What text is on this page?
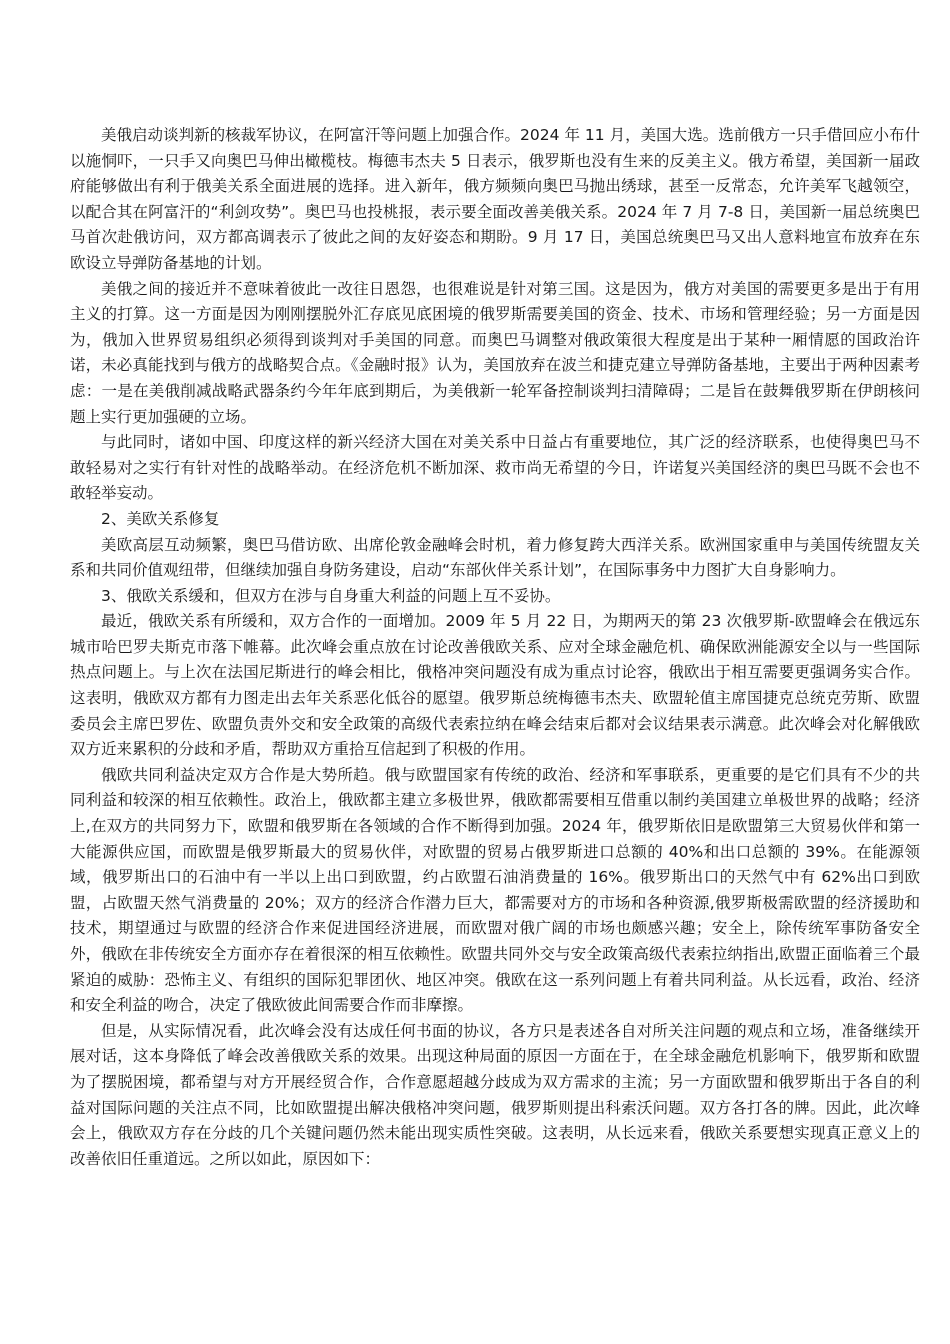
美俄启动谈判新的核裁军协议，在阿富汗等问题上加强合作。2024 年 11 月，美国大选。选前俄方一只手借回应小布什以施恫吓，一只手又向奥巴马伸出橄榄枝。梅德韦杰夫 5 日表示，俄罗斯也没有生来的反美主义。俄方希望，美国新一届政府能够做出有利于俄美关系全面进展的选择。进入新年，俄方频频向奥巴马抛出绣球，甚至一反常态，允许美军飞越领空，以配合其在阿富汗的“利剑攻势”。奥巴马也投桃报，表示要全面改善美俄关系。2024 年 7 月 7-8 日，美国新一届总统奥巴马首次赴俄访问，双方都高调表示了彼此之间的友好姿态和期盼。9 月 17 日，美国总统奥巴马又出人意料地宣布放弃在东欧设立导弹防备基地的计划。

美俄之间的接近并不意味着彼此一改往日恩怨，也很难说是针对第三国。这是因为，俄方对美国的需要更多是出于有用主义的打算。这一方面是因为刚刚摆脱外汇存底见底困境的俄罗斯需要美国的资金、技术、市场和管理经验；另一方面是因为，俄加入世界贸易组织必须得到谈判对手美国的同意。而奥巴马调整对俄政策很大程度是出于某种一厢情愿的国政治许诺，未必真能找到与俄方的战略契合点。《金融时报》认为，美国放弃在波兰和捷克建立导弹防备基地，主要出于两种因素考虑：一是在美俄削减战略武器条约今年年底到期后，为美俄新一轮军备控制谈判扫清障碍；二是旨在鼓舞俄罗斯在伊朗核问题上实行更加强硬的立场。

与此同时，诸如中国、印度这样的新兴经济大国在对美关系中日益占有重要地位，其广泛的经济联系，也使得奥巴马不敢轻易对之实行有针对性的战略举动。在经济危机不断加深、救市尚无希望的今日，许诺复兴美国经济的奥巴马既不会也不敢轻举妄动。

2、美欧关系修复

美欧高层互动频繁，奥巴马借访欧、出席伦敦金融峰会时机，着力修复跨大西洋关系。欧洲国家重申与美国传统盟友关系和共同价值观纽带，但继续加强自身防务建设，启动“东部伙伴关系计划”，在国际事务中力图扩大自身影响力。

3、俄欧关系缓和，但双方在涉与自身重大利益的问题上互不妥协。

最近，俄欧关系有所缓和，双方合作的一面增加。2009 年 5 月 22 日，为期两天的第 23 次俄罗斯-欧盟峰会在俄远东城市哈巴罗夫斯克市落下帷幕。此次峰会重点放在讨论改善俄欧关系、应对全球金融危机、确保欧洲能源安全以与一些国际热点问题上。与上次在法国尼斯进行的峰会相比，俄格冲突问题没有成为重点讨论容，俄欧出于相互需要更强调务实合作。这表明，俄欧双方都有力图走出去年关系恶化低谷的愿望。俄罗斯总统梅德韦杰夫、欧盟轮值主席国捷克总统克劳斯、欧盟委员会主席巴罗佐、欧盟负责外交和安全政策的高级代表索拉纳在峰会结束后都对会议结果表示满意。此次峰会对化解俄欧双方近来累积的分歧和矛盾，帮助双方重拾互信起到了积极的作用。

俄欧共同利益决定双方合作是大势所趋。俄与欧盟国家有传统的政治、经济和军事联系，更重要的是它们具有不少的共同利益和较深的相互依赖性。政治上，俄欧都主建立多极世界，俄欧都需要相互借重以制约美国建立单极世界的战略；经济上,在双方的共同努力下，欧盟和俄罗斯在各领域的合作不断得到加强。2024 年，俄罗斯依旧是欧盟第三大贸易伙伴和第一大能源供应国，而欧盟是俄罗斯最大的贸易伙伴，对欧盟的贸易占俄罗斯进口总额的 40%和出口总额的 39%。在能源领域，俄罗斯出口的石油中有一半以上出口到欧盟，约占欧盟石油消费量的 16%。俄罗斯出口的天然气中有 62%出口到欧盟，占欧盟天然气消费量的 20%；双方的经济合作潜力巨大，都需要对方的市场和各种资源,俄罗斯极需欧盟的经济援助和技术，期望通过与欧盟的经济合作来促进国经济进展，而欧盟对俄广阔的市场也颇感兴趣；安全上，除传统军事防备安全外，俄欧在非传统安全方面亦存在着很深的相互依赖性。欧盟共同外交与安全政策高级代表索拉纳指出,欧盟正面临着三个最紧迫的威胁：恐怖主义、有组织的国际犯罪团伙、地区冲突。俄欧在这一系列问题上有着共同利益。从长远看，政治、经济和安全利益的吻合，决定了俄欧彼此间需要合作而非摩擦。

但是，从实际情况看，此次峰会没有达成任何书面的协议，各方只是表述各自对所关注问题的观点和立场，准备继续开展对话，这本身降低了峰会改善俄欧关系的效果。出现这种局面的原因一方面在于，在全球金融危机影响下，俄罗斯和欧盟为了摆脱困境，都希望与对方开展经贸合作，合作意愿超越分歧成为双方需求的主流；另一方面欧盟和俄罗斯出于各自的利益对国际问题的关注点不同，比如欧盟提出解决俄格冲突问题，俄罗斯则提出科索沃问题。双方各打各的牌。因此，此次峰会上，俄欧双方存在分歧的几个关键问题仍然未能出现实质性突破。这表明，从长远来看，俄欧关系要想实现真正意义上的改善依旧任重道远。之所以如此，原因如下：
